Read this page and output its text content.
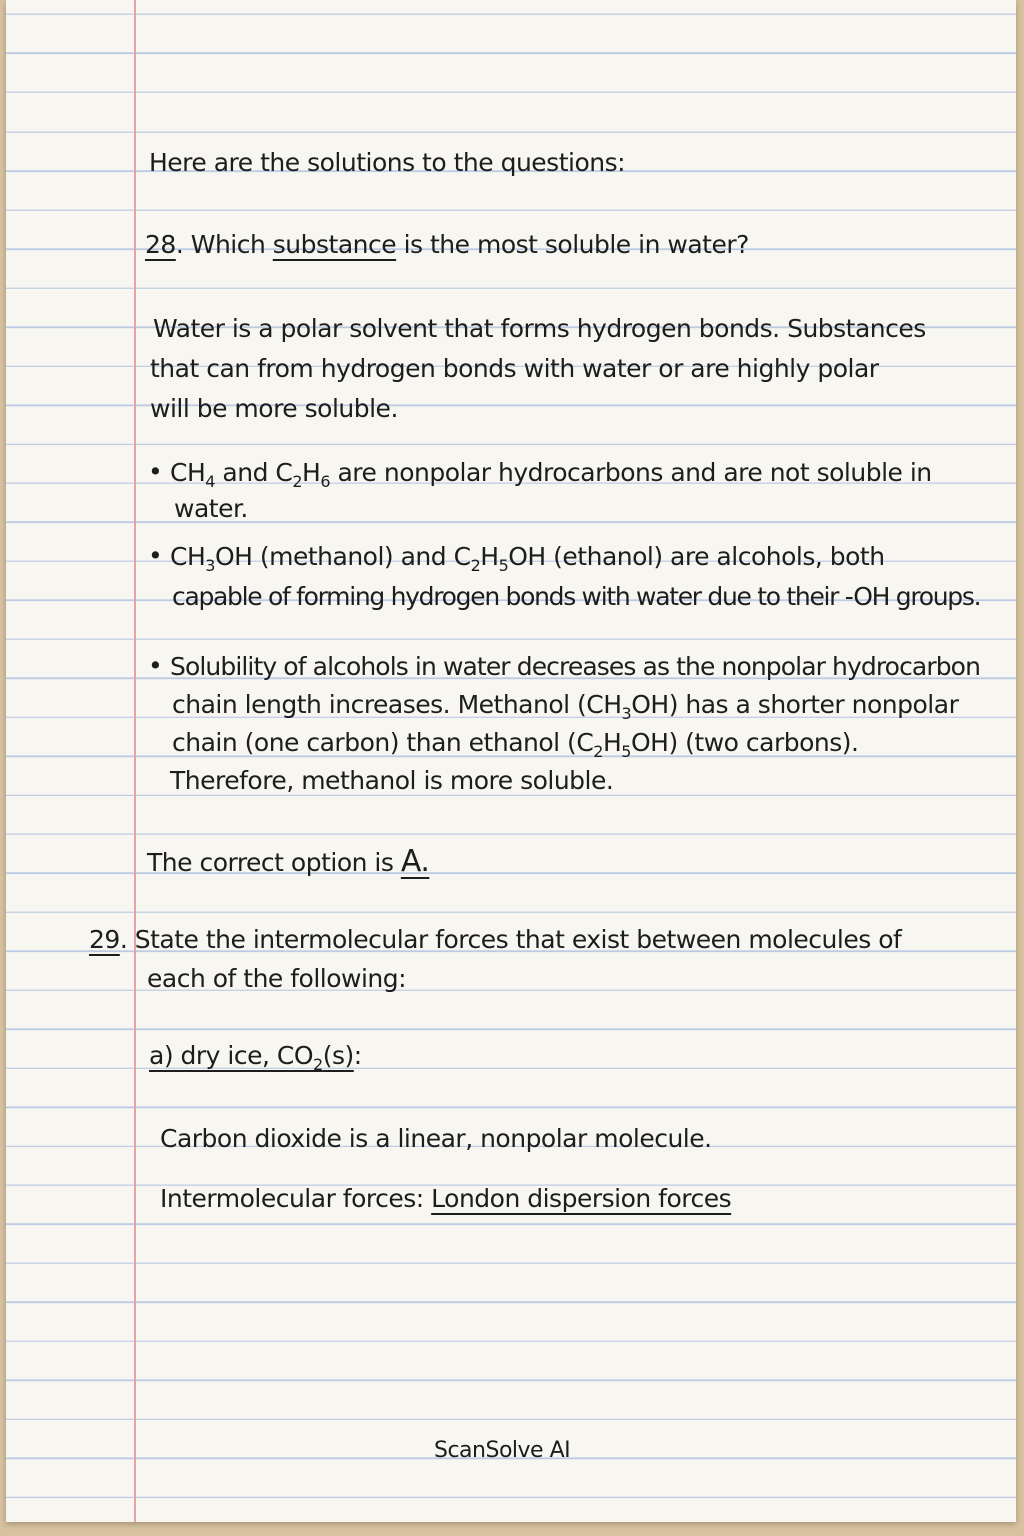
Here are the solutions to the questions:
28. Which substance is the most soluble in water?
Water is a polar solvent that forms hydrogen bonds. Substances
that can from hydrogen bonds with water or are highly polar
will be more soluble.
• $CH_4$ and $C_2H_6$ are nonpolar hydrocarbons and are not soluble in
water.
• $CH_3OH$ (methanol) and $C_2H_5OH$ (ethanol) are alcohols, both
capable of forming hydrogen bonds with water due to their -OH groups.
• Solubility of alcohols in water decreases as the nonpolar hydrocarbon
chain length increases. Methanol $(CH_3OH)$ has a shorter nonpolar
chain (one carbon) than ethanol $(C_2H_5OH)$ (two carbons).
Therefore, methanol is more soluble.
The correct option is A.
29. State the intermolecular forces that exist between molecules of
each of the following:
a) dry ice, $CO_2(s)$:
Carbon dioxide is a linear, nonpolar molecule.
Intermolecular forces: London dispersion forces
ScanSolve AI
